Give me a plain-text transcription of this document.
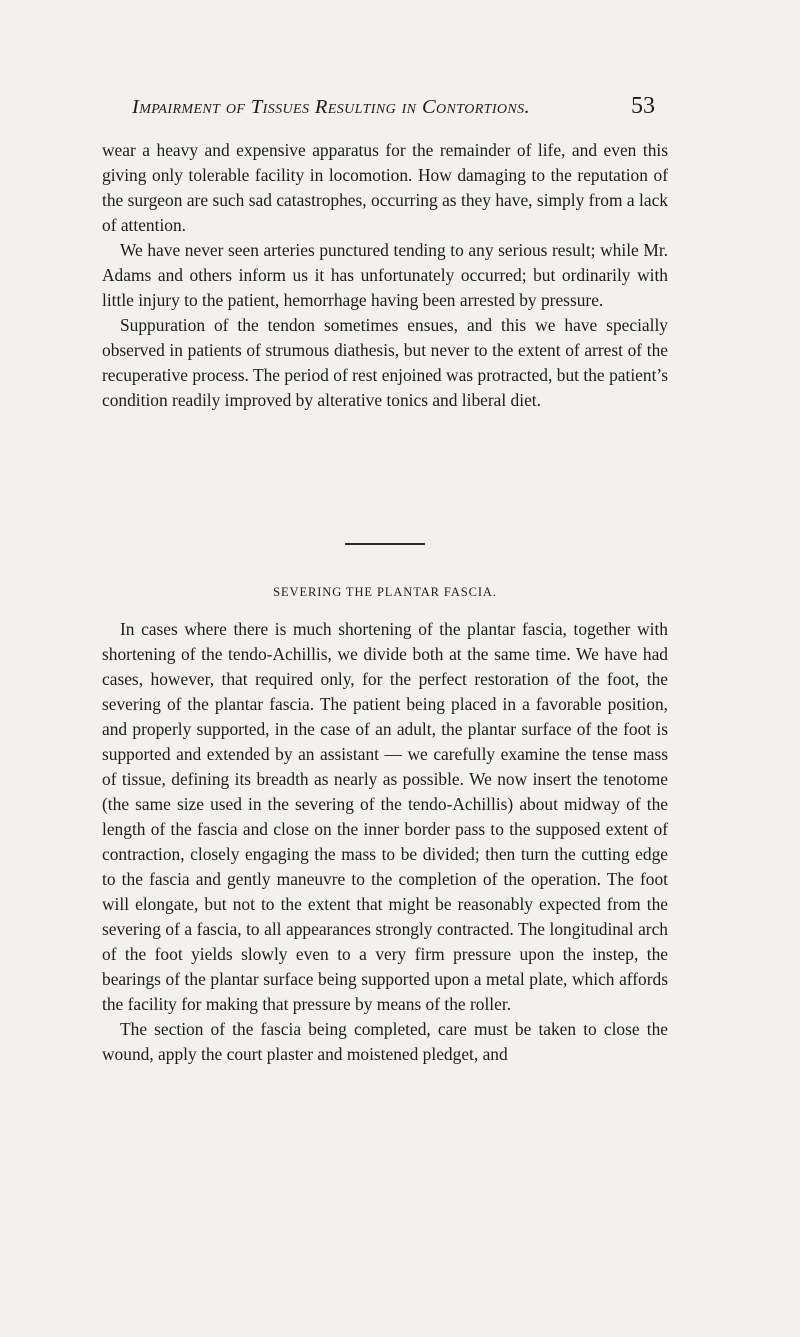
Impairment of Tissues Resulting in Contortions.	53

wear a heavy and expensive apparatus for the remainder of life, and even this giving only tolerable facility in locomotion. How damaging to the reputation of the surgeon are such sad catastrophes, occurring as they have, simply from a lack of attention.

We have never seen arteries punctured tending to any serious result; while Mr. Adams and others inform us it has unfortunately occurred; but ordinarily with little injury to the patient, hemorrhage having been arrested by pressure.

Suppuration of the tendon sometimes ensues, and this we have specially observed in patients of strumous diathesis, but never to the extent of arrest of the recuperative process. The period of rest enjoined was protracted, but the patient’s condition readily improved by alterative tonics and liberal diet.

SEVERING THE PLANTAR FASCIA.

In cases where there is much shortening of the plantar fascia, together with shortening of the tendo-Achillis, we divide both at the same time. We have had cases, however, that required only, for the perfect restoration of the foot, the severing of the plantar fascia. The patient being placed in a favorable position, and properly supported, in the case of an adult, the plantar surface of the foot is supported and extended by an assistant — we carefully examine the tense mass of tissue, defining its breadth as nearly as possible. We now insert the tenotome (the same size used in the severing of the tendo-Achillis) about midway of the length of the fascia and close on the inner border pass to the supposed extent of contraction, closely engaging the mass to be divided; then turn the cutting edge to the fascia and gently maneuvre to the completion of the operation. The foot will elongate, but not to the extent that might be reasonably expected from the severing of a fascia, to all appearances strongly contracted. The longitudinal arch of the foot yields slowly even to a very firm pressure upon the instep, the bearings of the plantar surface being supported upon a metal plate, which affords the facility for making that pressure by means of the roller.

The section of the fascia being completed, care must be taken to close the wound, apply the court plaster and moistened pledget, and
